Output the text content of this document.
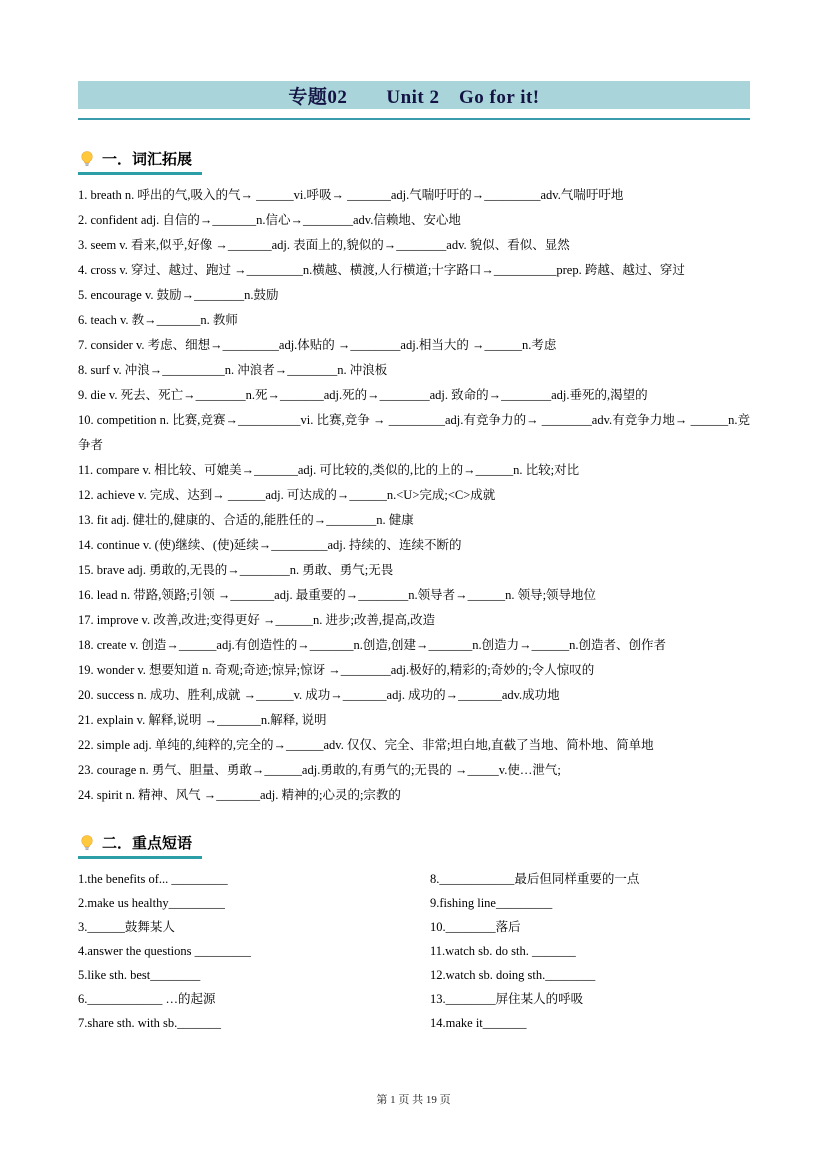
专题02　　Unit 2　Go for it!
一．词汇拓展
1. breath n. 呼出的气,吸入的气→ ______vi.呼吸→ _______adj.气喘吁吁的→_________adv.气喘吁吁地
2. confident adj. 自信的→_______n.信心→________adv.信赖地、安心地
3. seem v. 看来,似乎,好像 →_______adj. 表面上的,貌似的→________adv. 貌似、看似、显然
4. cross v. 穿过、越过、跑过 →_________n.横越、横渡,人行横道;十字路口→__________prep. 跨越、越过、穿过
5. encourage v. 鼓励→________n.鼓励
6. teach v. 教→_______n. 教师
7. consider v. 考虑、细想→_________adj.体贴的 →________adj.相当大的 →______n.考虑
8. surf v. 冲浪→__________n. 冲浪者→________n. 冲浪板
9. die v. 死去、死亡→________n.死→_______adj.死的→________adj. 致命的→________adj.垂死的,渴望的
10. competition n. 比赛,竞赛→__________vi. 比赛,竞争 → _________adj.有竞争力的→ ________adv.有竞争力地→ ______n.竞争者
11. compare v. 相比较、可媲美→_______adj. 可比较的,类似的,比的上的→______n. 比较;对比
12. achieve v. 完成、达到→ ______adj. 可达成的→______n.<U>完成;<C>成就
13. fit adj. 健壮的,健康的、合适的,能胜任的→________n. 健康
14. continue v. (使)继续、(使)延续→_________adj. 持续的、连续不断的
15. brave adj. 勇敢的,无畏的→________n. 勇敢、勇气;无畏
16. lead n. 带路,领路;引领 →_______adj. 最重要的→________n.领导者→______n. 领导;领导地位
17. improve v. 改善,改进;变得更好 →______n. 进步;改善,提高,改造
18. create v. 创造→______adj.有创造性的→_______n.创造,创建→_______n.创造力→______n.创造者、创作者
19. wonder v. 想要知道 n. 奇观;奇迹;惊异;惊讶 →________adj.极好的,精彩的;奇妙的;令人惊叹的
20. success n. 成功、胜利,成就 →______v. 成功→_______adj. 成功的→_______adv.成功地
21. explain v. 解释,说明 →_______n.解释, 说明
22. simple adj. 单纯的,纯粹的,完全的→______adv. 仅仅、完全、非常;坦白地,直截了当地、简朴地、简单地
23. courage n. 勇气、胆量、勇敢→______adj.勇敢的,有勇气的;无畏的 →_____v.使…泄气;
24. spirit n. 精神、风气 →_______adj. 精神的;心灵的;宗教的
二．重点短语
1.the benefits of... _________
2.make us healthy_________
3.______鼓舞某人
4.answer the questions _________
5.like sth. best________
6.____________ …的起源
7.share sth. with sb._______
8.____________最后但同样重要的一点
9.fishing line_________
10.________落后
11.watch sb. do sth. _______
12.watch sb. doing sth.________
13.________屏住某人的呼吸
14.make it_______
第 1 页 共 19 页
